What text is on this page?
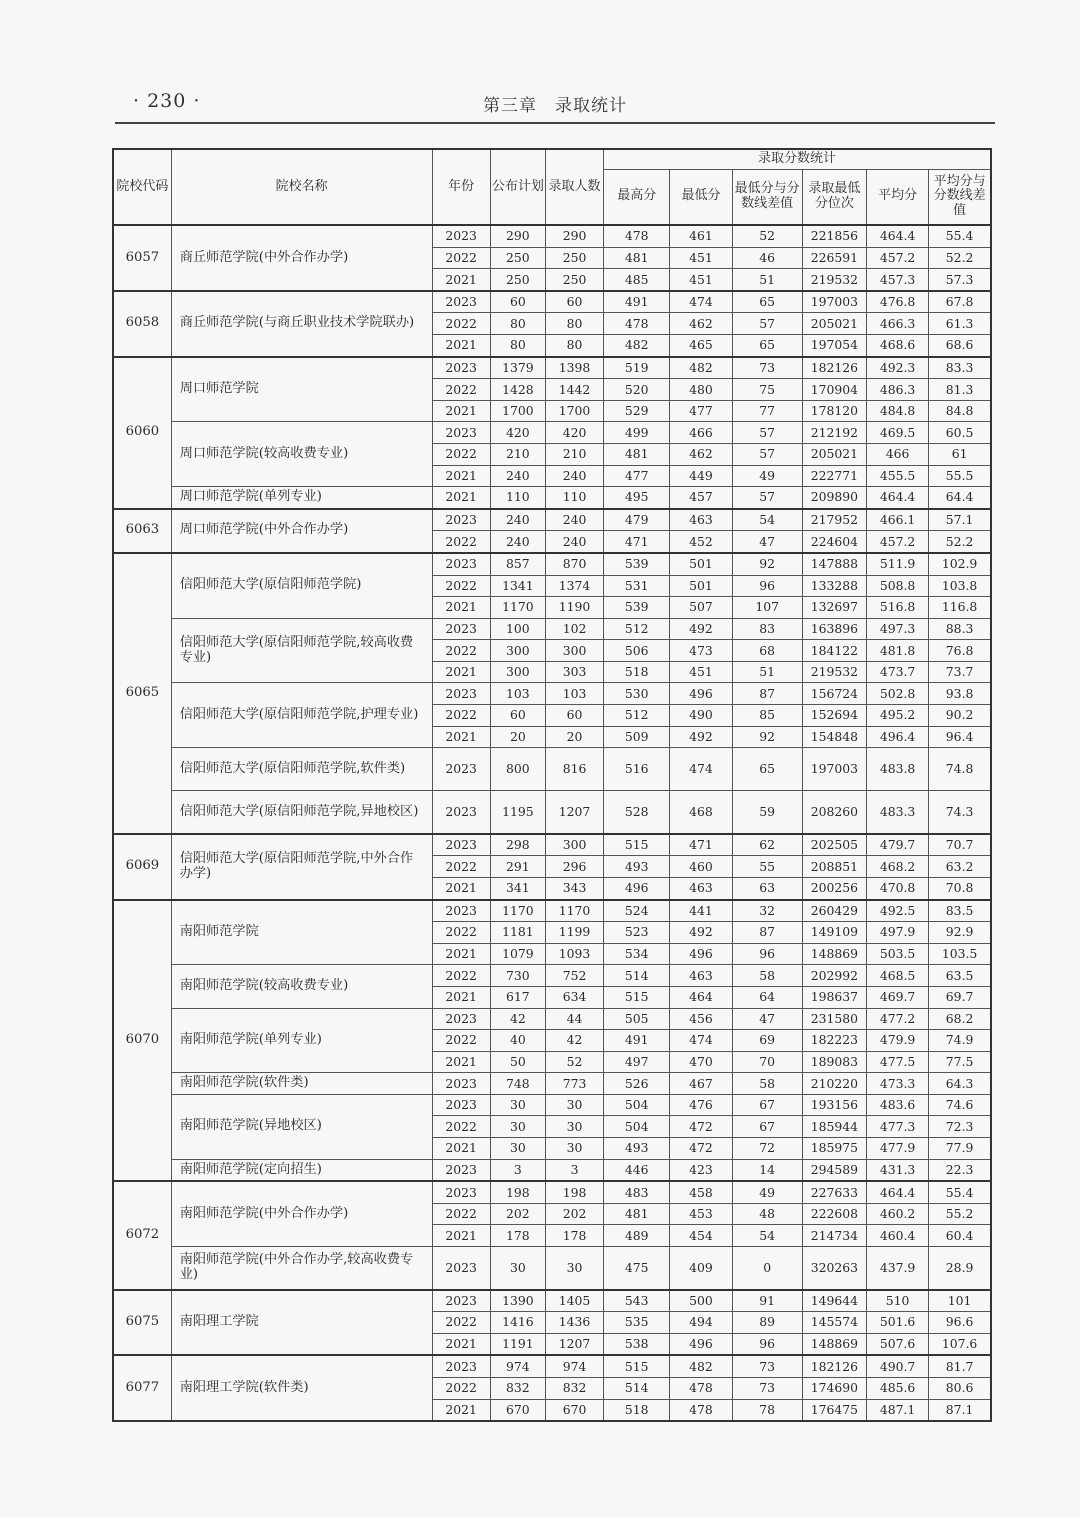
· 230 ·	第三章　录取统计
院校代码	院校名称	年份	公布计划	录取人数	录取分数统计					
					最高分	最低分	最低分与分数线差值	录取最低分位次	平均分	平均分与分数线差值
6057	商丘师范学院(中外合作办学)	2023	290	290	478	461	52	221856	464.4	55.4
		2022	250	250	481	451	46	226591	457.2	52.2
		2021	250	250	485	451	51	219532	457.3	57.3
6058	商丘师范学院(与商丘职业技术学院联办)	2023	60	60	491	474	65	197003	476.8	67.8
		2022	80	80	478	462	57	205021	466.3	61.3
		2021	80	80	482	465	65	197054	468.6	68.6
6060	周口师范学院	2023	1379	1398	519	482	73	182126	492.3	83.3
		2022	1428	1442	520	480	75	170904	486.3	81.3
		2021	1700	1700	529	477	77	178120	484.8	84.8
	周口师范学院(较高收费专业)	2023	420	420	499	466	57	212192	469.5	60.5
		2022	210	210	481	462	57	205021	466	61
		2021	240	240	477	449	49	222771	455.5	55.5
	周口师范学院(单列专业)	2021	110	110	495	457	57	209890	464.4	64.4
6063	周口师范学院(中外合作办学)	2023	240	240	479	463	54	217952	466.1	57.1
		2022	240	240	471	452	47	224604	457.2	52.2
6065	信阳师范大学(原信阳师范学院)	2023	857	870	539	501	92	147888	511.9	102.9
		2022	1341	1374	531	501	96	133288	508.8	103.8
		2021	1170	1190	539	507	107	132697	516.8	116.8
	信阳师范大学(原信阳师范学院,较高收费专业)	2023	100	102	512	492	83	163896	497.3	88.3
		2022	300	300	506	473	68	184122	481.8	76.8
		2021	300	303	518	451	51	219532	473.7	73.7
	信阳师范大学(原信阳师范学院,护理专业)	2023	103	103	530	496	87	156724	502.8	93.8
		2022	60	60	512	490	85	152694	495.2	90.2
		2021	20	20	509	492	92	154848	496.4	96.4
	信阳师范大学(原信阳师范学院,软件类)	2023	800	816	516	474	65	197003	483.8	74.8
	信阳师范大学(原信阳师范学院,异地校区)	2023	1195	1207	528	468	59	208260	483.3	74.3
6069	信阳师范大学(原信阳师范学院,中外合作办学)	2023	298	300	515	471	62	202505	479.7	70.7
		2022	291	296	493	460	55	208851	468.2	63.2
		2021	341	343	496	463	63	200256	470.8	70.8
6070	南阳师范学院	2023	1170	1170	524	441	32	260429	492.5	83.5
		2022	1181	1199	523	492	87	149109	497.9	92.9
		2021	1079	1093	534	496	96	148869	503.5	103.5
	南阳师范学院(较高收费专业)	2022	730	752	514	463	58	202992	468.5	63.5
		2021	617	634	515	464	64	198637	469.7	69.7
	南阳师范学院(单列专业)	2023	42	44	505	456	47	231580	477.2	68.2
		2022	40	42	491	474	69	182223	479.9	74.9
		2021	50	52	497	470	70	189083	477.5	77.5
	南阳师范学院(软件类)	2023	748	773	526	467	58	210220	473.3	64.3
	南阳师范学院(异地校区)	2023	30	30	504	476	67	193156	483.6	74.6
		2022	30	30	504	472	67	185944	477.3	72.3
		2021	30	30	493	472	72	185975	477.9	77.9
	南阳师范学院(定向招生)	2023	3	3	446	423	14	294589	431.3	22.3
6072	南阳师范学院(中外合作办学)	2023	198	198	483	458	49	227633	464.4	55.4
		2022	202	202	481	453	48	222608	460.2	55.2
		2021	178	178	489	454	54	214734	460.4	60.4
	南阳师范学院(中外合作办学,较高收费专业)	2023	30	30	475	409	0	320263	437.9	28.9
6075	南阳理工学院	2023	1390	1405	543	500	91	149644	510	101
		2022	1416	1436	535	494	89	145574	501.6	96.6
		2021	1191	1207	538	496	96	148869	507.6	107.6
6077	南阳理工学院(软件类)	2023	974	974	515	482	73	182126	490.7	81.7
		2022	832	832	514	478	73	174690	485.6	80.6
		2021	670	670	518	478	78	176475	487.1	87.1
